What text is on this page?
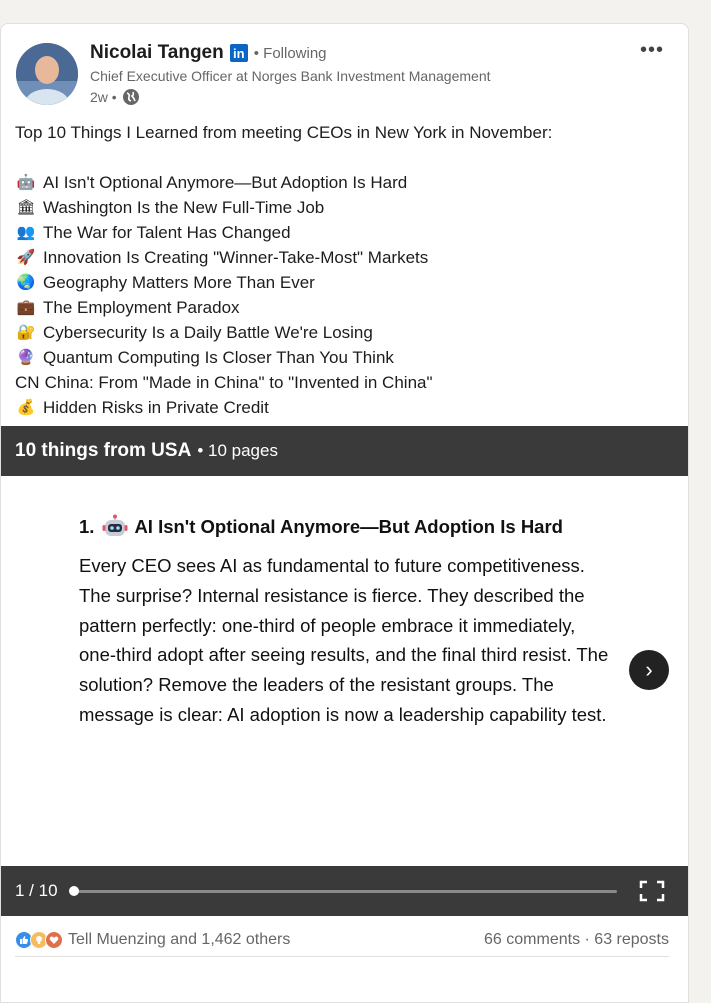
Nicolai Tangen in • Following
Chief Executive Officer at Norges Bank Investment Management
2w •
•••
Top 10 Things I Learned from meeting CEOs in New York in November:
🤖 AI Isn't Optional Anymore—But Adoption Is Hard
🏛 Washington Is the New Full-Time Job
👥 The War for Talent Has Changed
🚀 Innovation Is Creating "Winner-Take-Most" Markets
🌏 Geography Matters More Than Ever
💼 The Employment Paradox
🔐 Cybersecurity Is a Daily Battle We're Losing
🔮 Quantum Computing Is Closer Than You Think
CN China: From "Made in China" to "Invented in China"
💰 Hidden Risks in Private Credit
10 things from USA • 10 pages
1. AI Isn't Optional Anymore—But Adoption Is Hard
Every CEO sees AI as fundamental to future competitiveness. The surprise? Internal resistance is fierce. They described the pattern perfectly: one-third of people embrace it immediately, one-third adopt after seeing results, and the final third resist. The solution? Remove the leaders of the resistant groups. The message is clear: AI adoption is now a leadership capability test.
›
1 / 10
Tell Muenzing and 1,462 others	66 comments · 63 reposts
